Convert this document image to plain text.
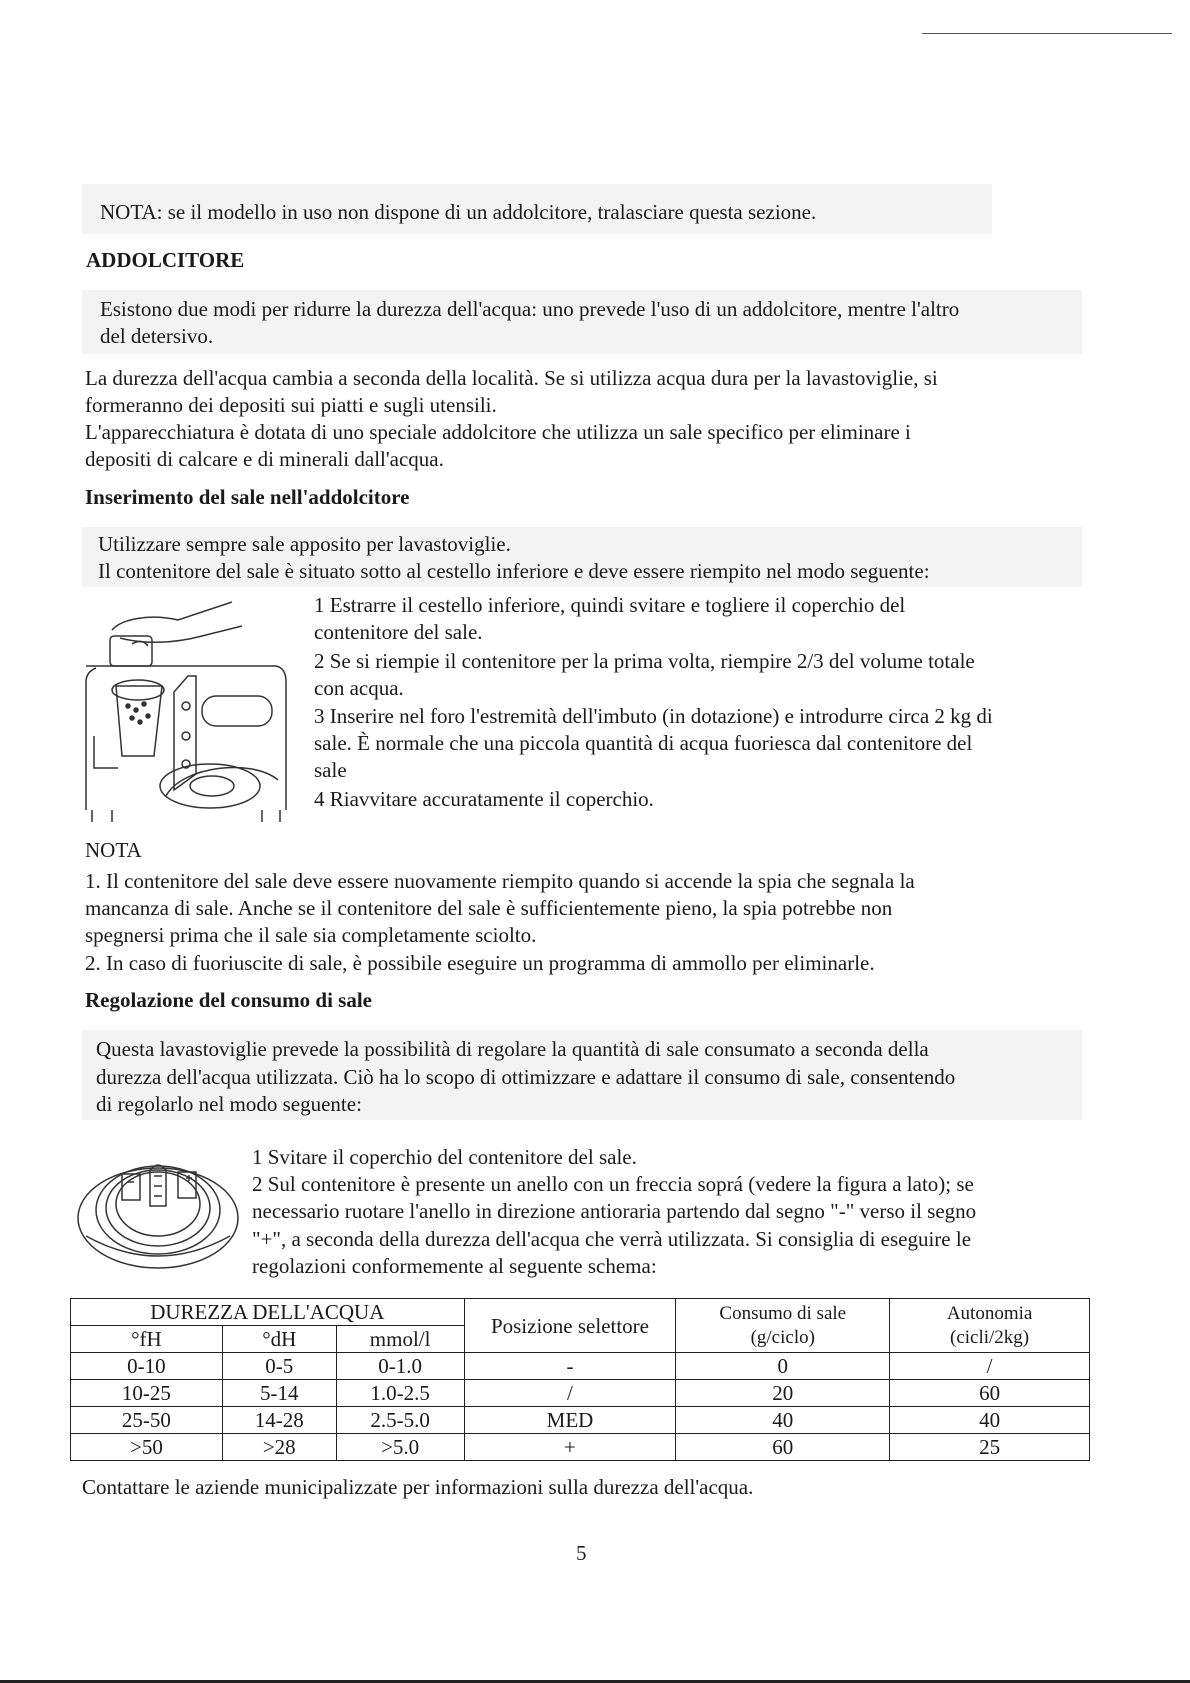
NOTA: se il modello in uso non dispone di un addolcitore, tralasciare questa sezione.

ADDOLCITORE

Esistono due modi per ridurre la durezza dell'acqua: uno prevede l'uso di un addolcitore, mentre l'altro

del detersivo.

La durezza dell'acqua cambia a seconda della località. Se si utilizza acqua dura per la lavastoviglie, si

formeranno dei depositi sui piatti e sugli utensili.

L'apparecchiatura è dotata di uno speciale addolcitore che utilizza un sale specifico per eliminare i

depositi di calcare e di minerali dall'acqua.

Inserimento del sale nell'addolcitore

Utilizzare sempre sale apposito per lavastoviglie.

Il contenitore del sale è situato sotto al cestello inferiore e deve essere riempito nel modo seguente:

1 Estrarre il cestello inferiore, quindi svitare e togliere il coperchio del

contenitore del sale.

2 Se si riempie il contenitore per la prima volta, riempire 2/3 del volume totale

con acqua.

3 Inserire nel foro l'estremità dell'imbuto (in dotazione) e introdurre circa 2 kg di

sale. È normale che una piccola quantità di acqua fuoriesca dal contenitore del

sale

4 Riavvitare accuratamente il coperchio.

NOTA

1. Il contenitore del sale deve essere nuovamente riempito quando si accende la spia che segnala la

mancanza di sale. Anche se il contenitore del sale è sufficientemente pieno, la spia potrebbe non

spegnersi prima che il sale sia completamente sciolto.

2. In caso di fuoriuscite di sale, è possibile eseguire un programma di ammollo per eliminarle.

Regolazione del consumo di sale

Questa lavastoviglie prevede la possibilità di regolare la quantità di sale consumato a seconda della

durezza dell'acqua utilizzata. Ciò ha lo scopo di ottimizzare e adattare il consumo di sale, consentendo

di regolarlo nel modo seguente:

1 Svitare il coperchio del contenitore del sale.

2 Sul contenitore è presente un anello con un freccia soprá (vedere la figura a lato); se

necessario ruotare l'anello in direzione antioraria partendo dal segno "-" verso il segno

"+", a seconda della durezza dell'acqua che verrà utilizzata. Si consiglia di eseguire le

regolazioni conformemente al seguente schema:

DUREZZA DELL'ACQUA			Posizione selettore	Consumo di sale
(g/ciclo)	Autonomia
(cicli/2kg)
°fH	°dH	mmol/l			
0-10	0-5	0-1.0	-	0	/
10-25	5-14	1.0-2.5	/	20	60
25-50	14-28	2.5-5.0	MED	40	40
>50	>28	>5.0	+	60	25

Contattare le aziende municipalizzate per informazioni sulla durezza dell'acqua.

5
